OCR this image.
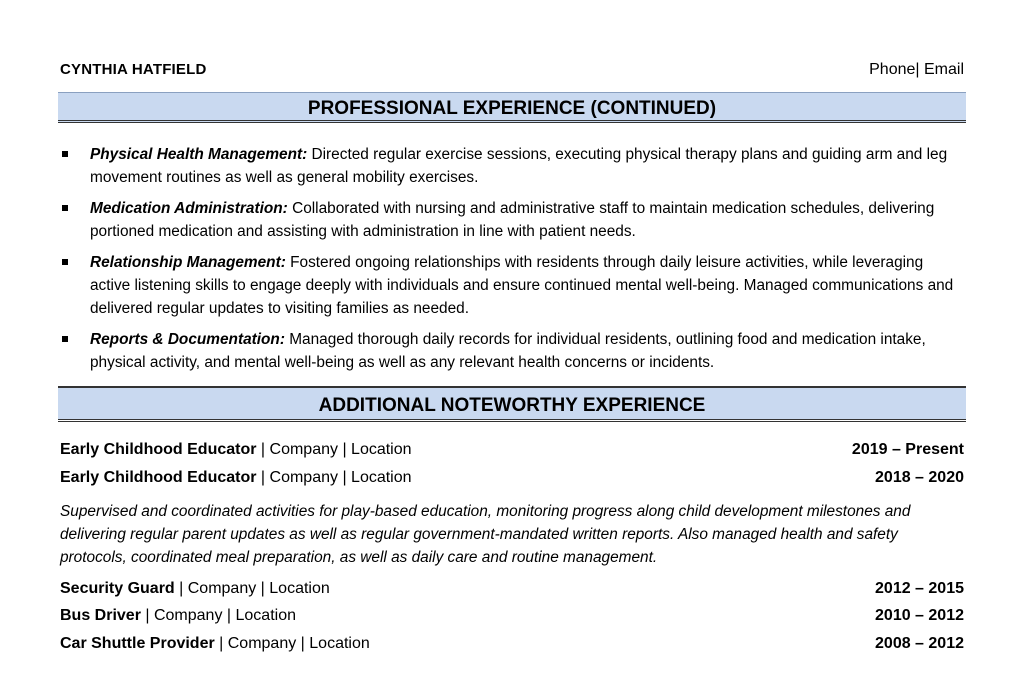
CYNTHIA HATFIELD	Phone| Email
PROFESSIONAL EXPERIENCE (CONTINUED)
Physical Health Management: Directed regular exercise sessions, executing physical therapy plans and guiding arm and leg movement routines as well as general mobility exercises.
Medication Administration: Collaborated with nursing and administrative staff to maintain medication schedules, delivering portioned medication and assisting with administration in line with patient needs.
Relationship Management: Fostered ongoing relationships with residents through daily leisure activities, while leveraging active listening skills to engage deeply with individuals and ensure continued mental well-being. Managed communications and delivered regular updates to visiting families as needed.
Reports & Documentation: Managed thorough daily records for individual residents, outlining food and medication intake, physical activity, and mental well-being as well as any relevant health concerns or incidents.
ADDITIONAL NOTEWORTHY EXPERIENCE
Early Childhood Educator | Company | Location	2019 – Present
Early Childhood Educator | Company | Location	2018 – 2020
Supervised and coordinated activities for play-based education, monitoring progress along child development milestones and delivering regular parent updates as well as regular government-mandated written reports. Also managed health and safety protocols, coordinated meal preparation, as well as daily care and routine management.
Security Guard | Company | Location	2012 – 2015
Bus Driver | Company | Location	2010 – 2012
Car Shuttle Provider | Company | Location	2008 – 2012
